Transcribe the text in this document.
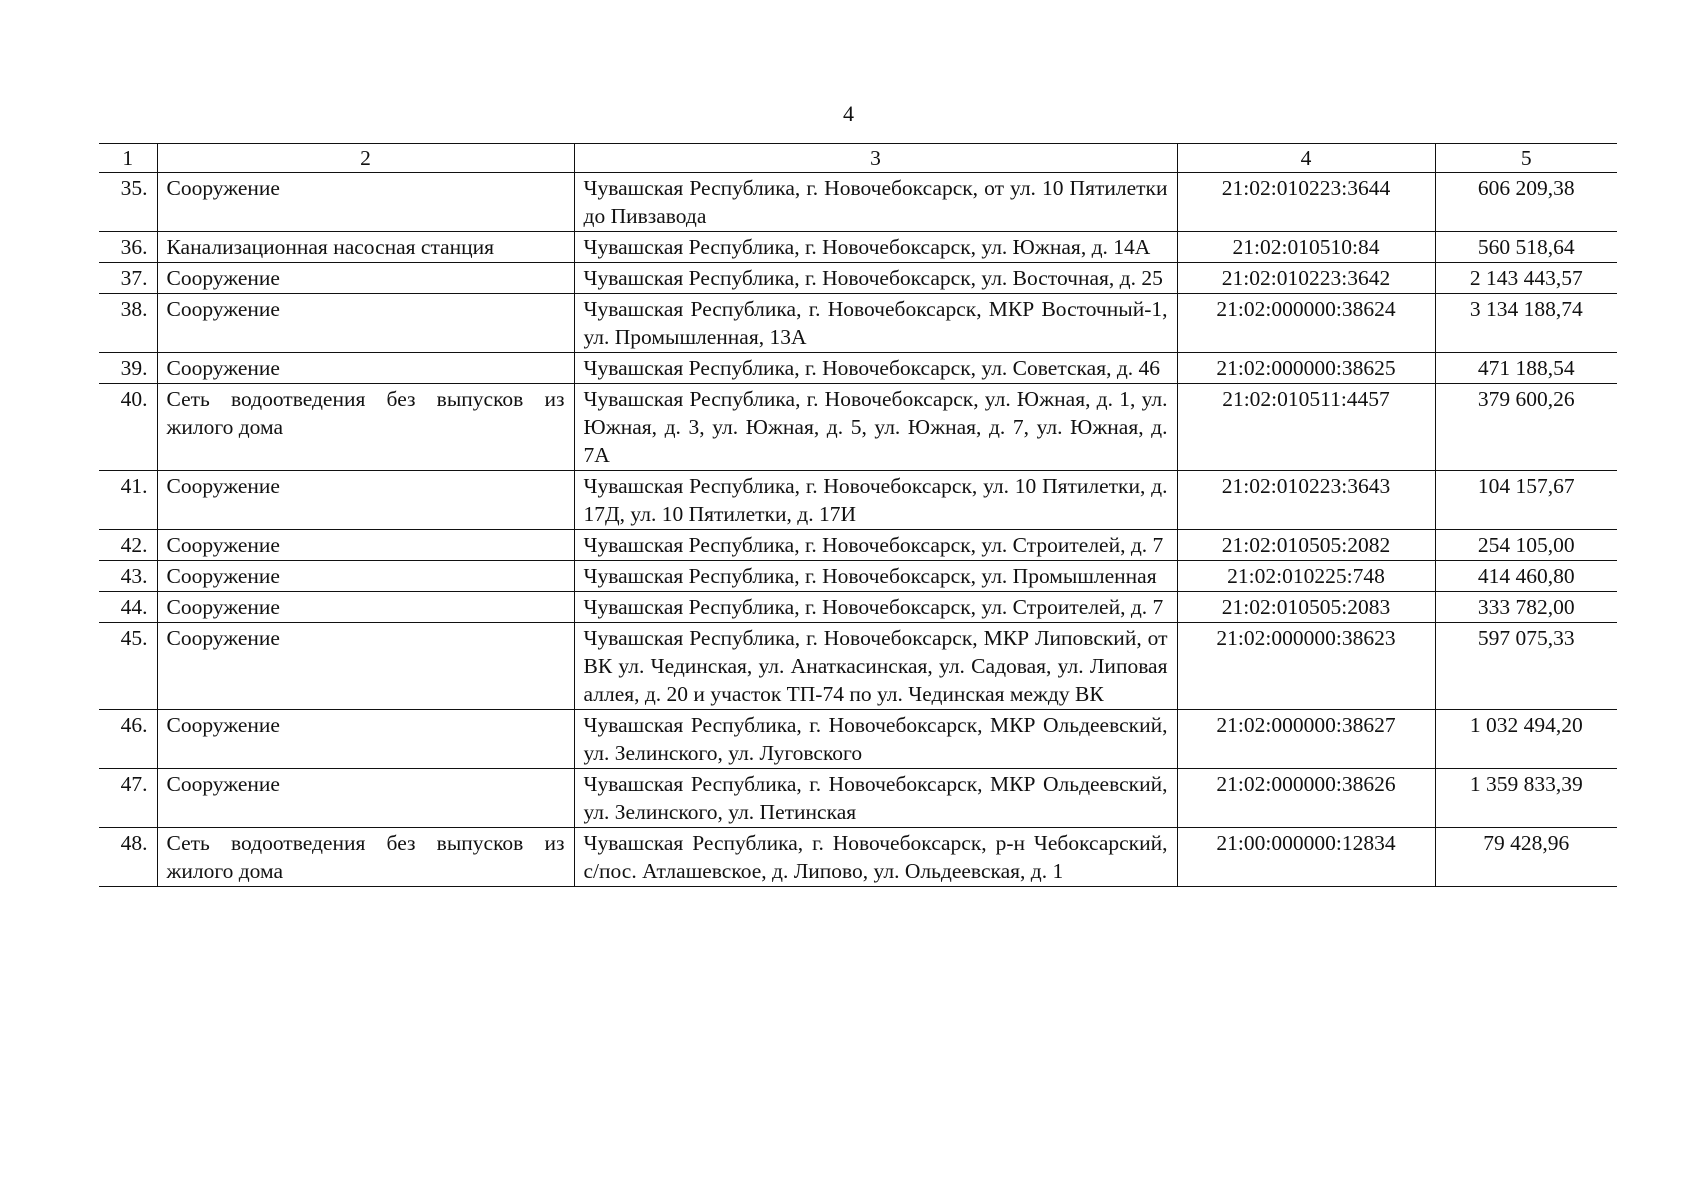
4
1	2	3	4	5
35.	Сооружение	Чувашская Республика, г. Новочебоксарск, от ул. 10 Пятилетки до Пивзавода	21:02:010223:3644	606 209,38
36.	Канализационная насосная станция	Чувашская Республика, г. Новочебоксарск, ул. Южная, д. 14А	21:02:010510:84	560 518,64
37.	Сооружение	Чувашская Республика, г. Новочебоксарск, ул. Восточная, д. 25	21:02:010223:3642	2 143 443,57
38.	Сооружение	Чувашская Республика, г. Новочебоксарск, МКР Восточный-1, ул. Промышленная, 13А	21:02:000000:38624	3 134 188,74
39.	Сооружение	Чувашская Республика, г. Новочебоксарск, ул. Советская, д. 46	21:02:000000:38625	471 188,54
40.	Сеть водоотведения без выпусков из жилого дома	Чувашская Республика, г. Новочебоксарск, ул. Южная, д. 1, ул. Южная, д. 3, ул. Южная, д. 5, ул. Южная, д. 7, ул. Южная, д. 7А	21:02:010511:4457	379 600,26
41.	Сооружение	Чувашская Республика, г. Новочебоксарск, ул. 10 Пятилетки, д. 17Д, ул. 10 Пятилетки, д. 17И	21:02:010223:3643	104 157,67
42.	Сооружение	Чувашская Республика, г. Новочебоксарск, ул. Строителей, д. 7	21:02:010505:2082	254 105,00
43.	Сооружение	Чувашская Республика, г. Новочебоксарск, ул. Промышленная	21:02:010225:748	414 460,80
44.	Сооружение	Чувашская Республика, г. Новочебоксарск, ул. Строителей, д. 7	21:02:010505:2083	333 782,00
45.	Сооружение	Чувашская Республика, г. Новочебоксарск, МКР Липовский, от ВК ул. Чединская, ул. Анаткасинская, ул. Садовая, ул. Липовая аллея, д. 20 и участок ТП-74 по ул. Чединская между ВК	21:02:000000:38623	597 075,33
46.	Сооружение	Чувашская Республика, г. Новочебоксарск, МКР Ольдеевский, ул. Зелинского, ул. Луговского	21:02:000000:38627	1 032 494,20
47.	Сооружение	Чувашская Республика, г. Новочебоксарск, МКР Ольдеевский, ул. Зелинского, ул. Петинская	21:02:000000:38626	1 359 833,39
48.	Сеть водоотведения без выпусков из жилого дома	Чувашская Республика, г. Новочебоксарск, р-н Чебоксарский, с/пос. Атлашевское, д. Липово, ул. Ольдеевская, д. 1	21:00:000000:12834	79 428,96
